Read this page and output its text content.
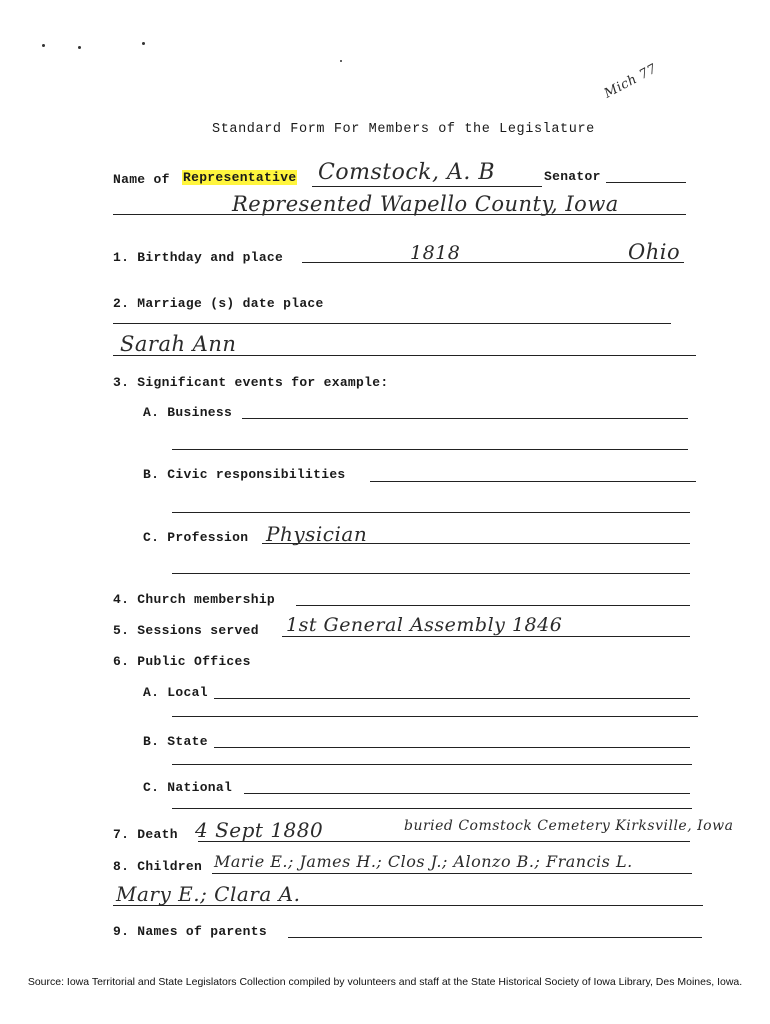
Mich 77
Standard Form For Members of the Legislature
Name of Representative Comstock, A. B	Senator
Represented Wapello County, Iowa
1. Birthday and place	1818	Ohio
2. Marriage (s) date place
Sarah Ann
3. Significant events for example:
A. Business
B. Civic responsibilities
C. Profession Physician
4. Church membership
5. Sessions served 1st General Assembly 1846
6. Public Offices
A. Local
B. State
C. National
7. Death 4 Sept 1880	buried Comstock Cemetery Kirksville, Iowa
8. Children Marie E.; James H.; Clos J.; Alonzo B.; Francis L.
Mary E.; Clara A.
9. Names of parents
Source: Iowa Territorial and State Legislators Collection compiled by volunteers and staff at the State Historical Society of Iowa Library, Des Moines, Iowa.
